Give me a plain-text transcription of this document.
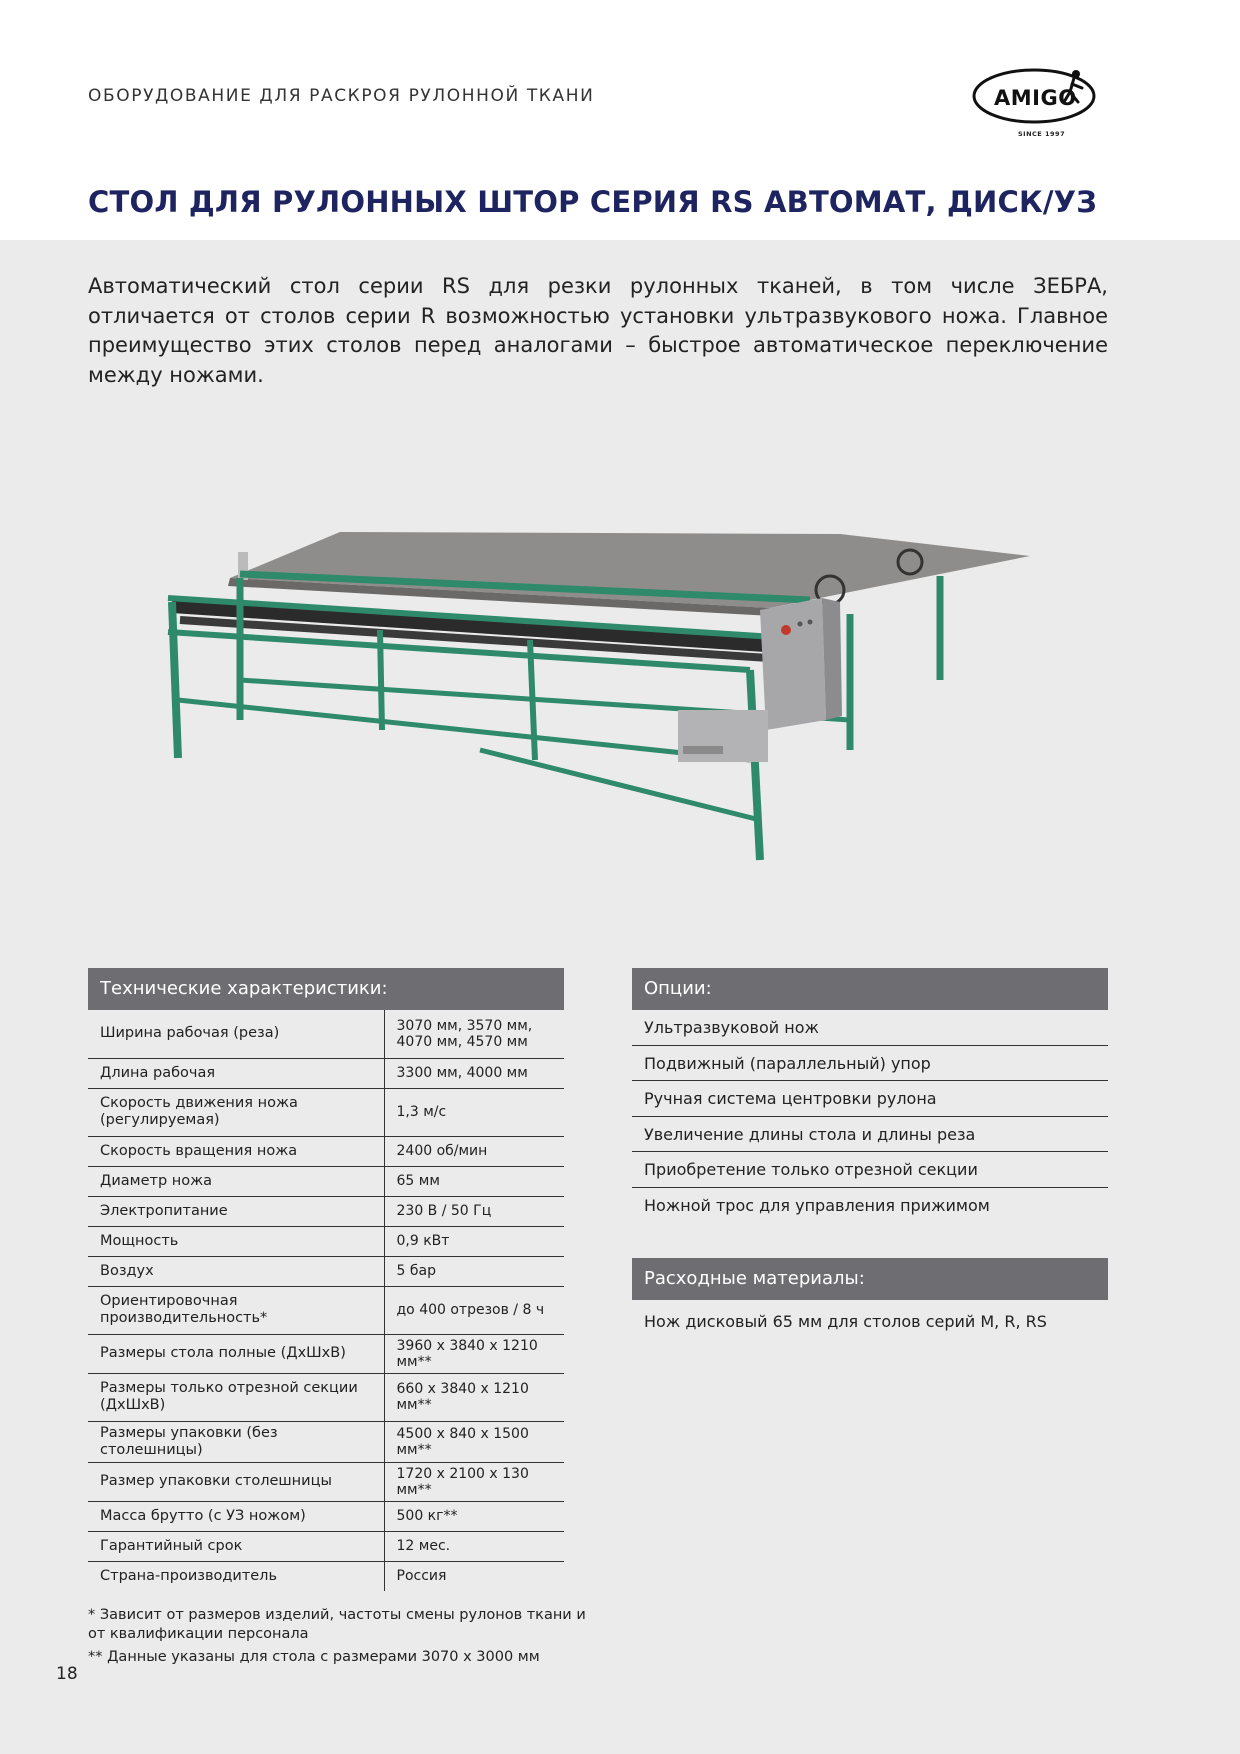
ОБОРУДОВАНИЕ ДЛЯ РАСКРОЯ РУЛОННОЙ ТКАНИ	AMIGO
SINCE 1997
СТОЛ ДЛЯ РУЛОННЫХ ШТОР СЕРИЯ RS АВТОМАТ, ДИСК/УЗ
Автоматический стол серии RS для резки рулонных тканей, в том числе ЗЕБРА, отличается от столов серии R возможностью установки ультразвукового ножа. Главное преимущество этих столов перед аналогами – быстрое автоматическое переключение между ножами.
Технические характеристики:
Ширина рабочая (реза)	3070 мм, 3570 мм, 4070 мм, 4570 мм
Длина рабочая	3300 мм, 4000 мм
Скорость движения ножа (регулируемая)	1,3 м/с
Скорость вращения ножа	2400 об/мин
Диаметр ножа	65 мм
Электропитание	230 В / 50 Гц
Мощность	0,9 кВт
Воздух	5 бар
Ориентировочная производительность*	до 400 отрезов / 8 ч
Размеры стола полные (ДхШхВ)	3960 х 3840 х 1210 мм**
Размеры только отрезной секции (ДхШхВ)	660 х 3840 х 1210 мм**
Размеры упаковки (без столешницы)	4500 х 840 х 1500 мм**
Размер упаковки столешницы	1720 х 2100 х 130 мм**
Масса брутто (с УЗ ножом)	500 кг**
Гарантийный срок	12 мес.
Страна-производитель	Россия
Опции:
Ультразвуковой нож
Подвижный (параллельный) упор
Ручная система центровки рулона
Увеличение длины стола и длины реза
Приобретение только отрезной секции
Ножной трос для управления прижимом
Расходные материалы:
Нож дисковый 65 мм для столов серий M, R, RS

* Зависит от размеров изделий, частоты смены рулонов ткани и от квалификации персонала

** Данные указаны для стола с размерами 3070 х 3000 мм

18
